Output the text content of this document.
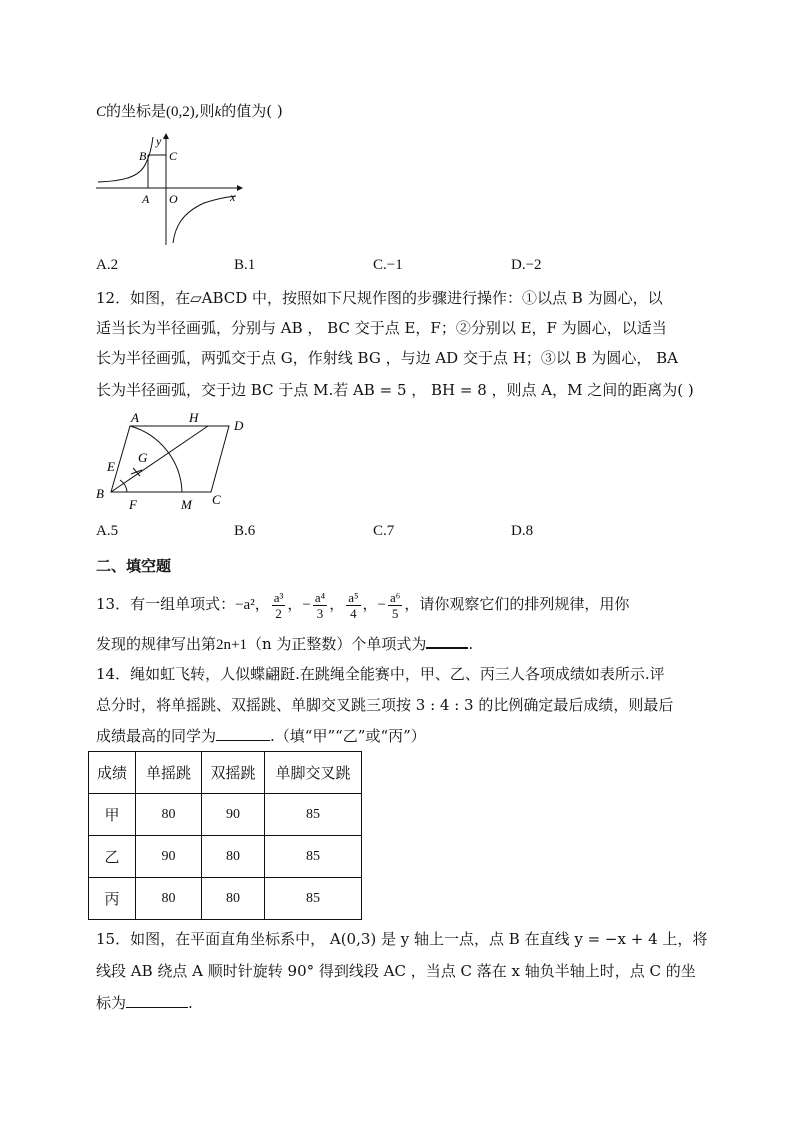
C的坐标是(0,2),则k的值为( )
y
B C
A O	x
A.2	B.1	C.−1	D.−2
12．如图，在▱ABCD 中，按照如下尺规作图的步骤进行操作：①以点 B 为圆心，以
适当长为半径画弧，分别与 AB ， BC 交于点 E，F；②分别以 E，F 为圆心，以适当
长为半径画弧，两弧交于点 G，作射线 BG ，与边 AD 交于点 H；③以 B 为圆心， BA
长为半径画弧，交于边 BC 于点 M.若 AB = 5 ， BH = 8 ，则点 A，M 之间的距离为( )
A	H
D
E
G
B
F	M C
A.5	B.6	C.7	D.8
二、填空题
13．有一组单项式：−a²， $\frac{\text{a³}}{2}$ ，− $\frac{\text{a⁴}}{3}$ ， $\frac{\text{a⁵}}{4}$ ，− $\frac{\text{a⁶}}{5}$ ，请你观察它们的排列规律，用你
发现的规律写出第2n+1（n 为正整数）个单项式为	.
14．绳如虹飞转，人似蝶翩跹.在跳绳全能赛中，甲、乙、丙三人各项成绩如表所示.评
总分时，将单摇跳、双摇跳、单脚交叉跳三项按 3 : 4 : 3 的比例确定最后成绩，则最后
成绩最高的同学为	.（填“甲”“乙”或“丙”）
成绩	单摇跳	双摇跳	单脚交叉跳
甲	80	90	85
乙	90	80	85
丙	80	80	85
15．如图，在平面直角坐标系中， A(0,3) 是 y 轴上一点，点 B 在直线 y = −x + 4 上，将
线段 AB 绕点 A 顺时针旋转 90° 得到线段 AC ，当点 C 落在 x 轴负半轴上时，点 C 的坐
标为	.
